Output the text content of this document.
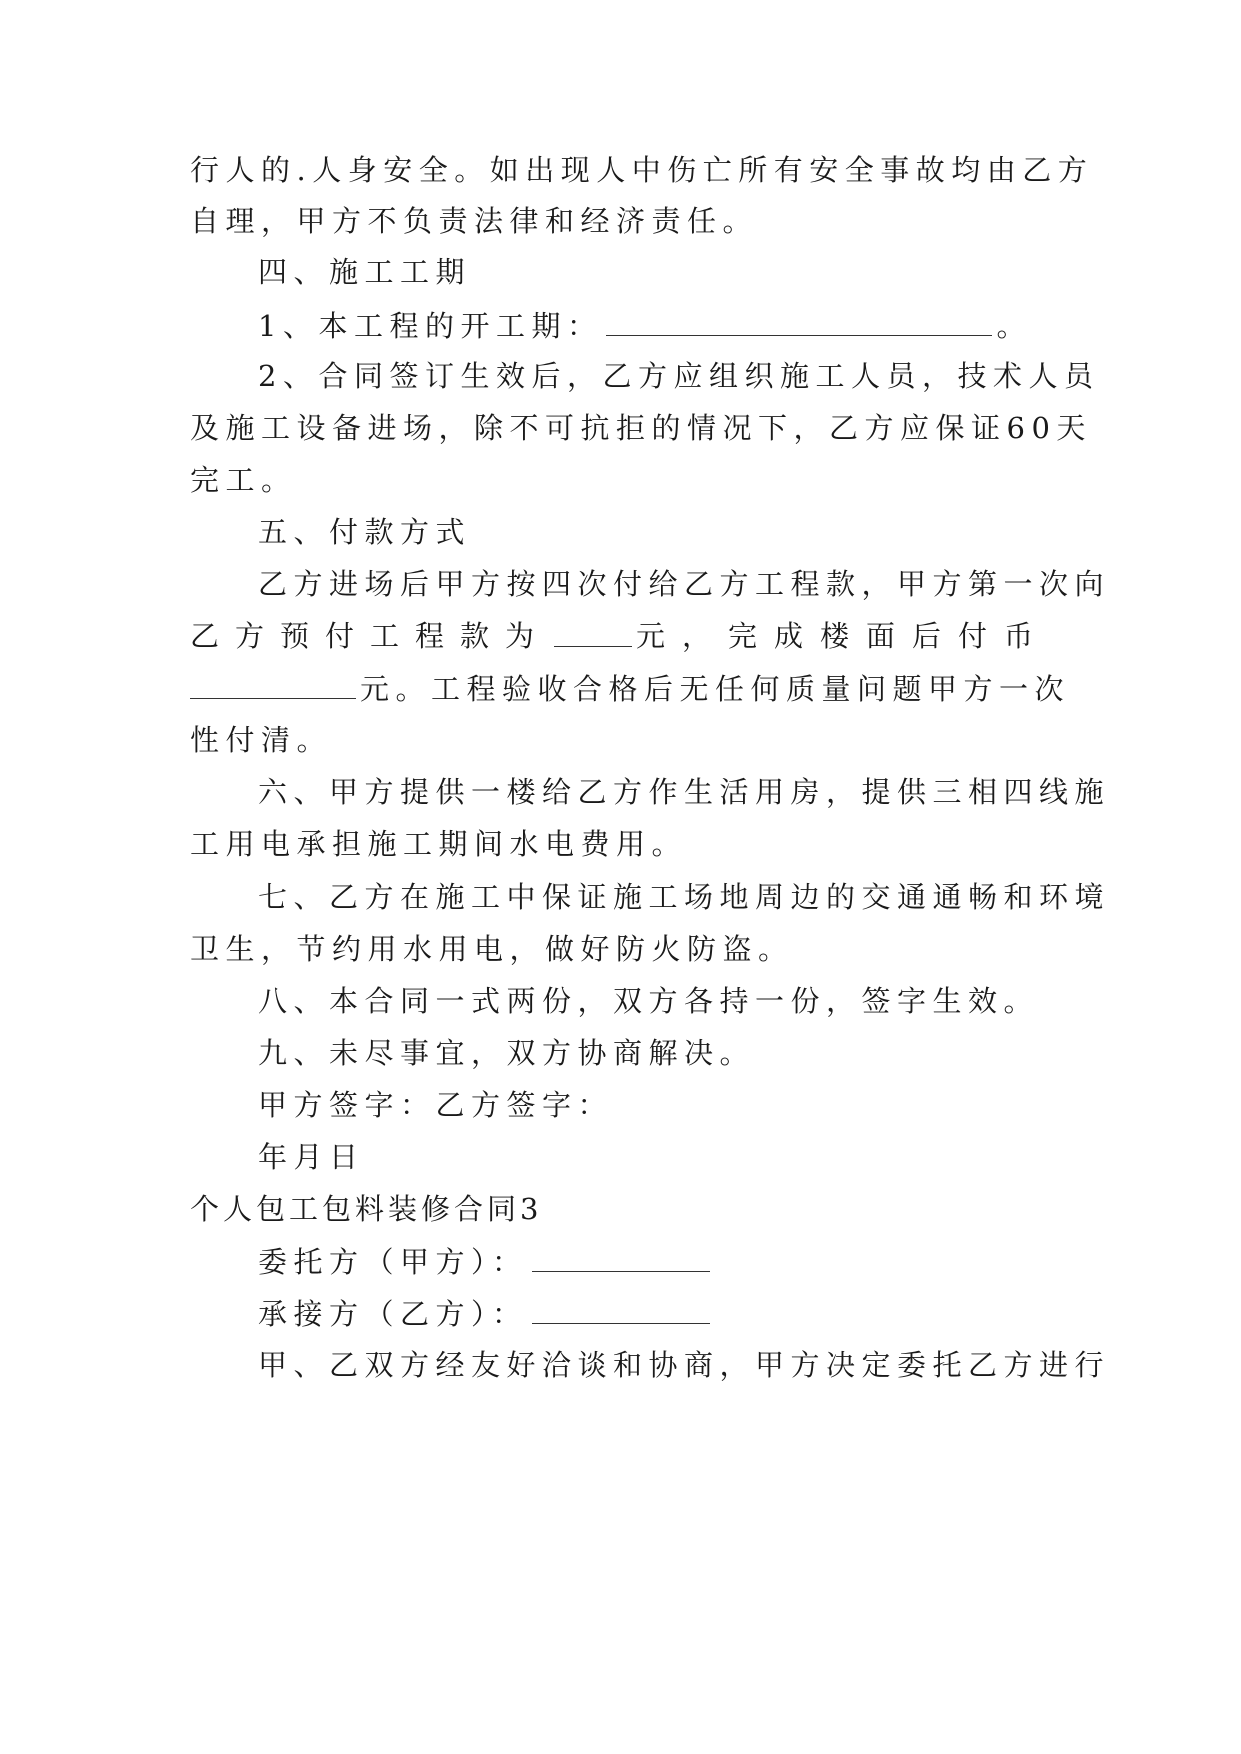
行人的.人身安全。如出现人中伤亡所有安全事故均由乙方
自理，甲方不负责法律和经济责任。
四、施工工期
1、本工程的开工期：	。
2、合同签订生效后，乙方应组织施工人员，技术人员
及施工设备进场，除不可抗拒的情况下，乙方应保证60天
完工。
五、付款方式
乙方进场后甲方按四次付给乙方工程款，甲方第一次向
乙方预付工程款为	元，完成楼面后付币
元。工程验收合格后无任何质量问题甲方一次
性付清。
六、甲方提供一楼给乙方作生活用房，提供三相四线施
工用电承担施工期间水电费用。
七、乙方在施工中保证施工场地周边的交通通畅和环境
卫生，节约用水用电，做好防火防盗。
八、本合同一式两份，双方各持一份，签字生效。
九、未尽事宜，双方协商解决。
甲方签字：乙方签字：
年月日
个人包工包料装修合同3
委托方（甲方）：
承接方（乙方）：
甲、乙双方经友好洽谈和协商，甲方决定委托乙方进行
